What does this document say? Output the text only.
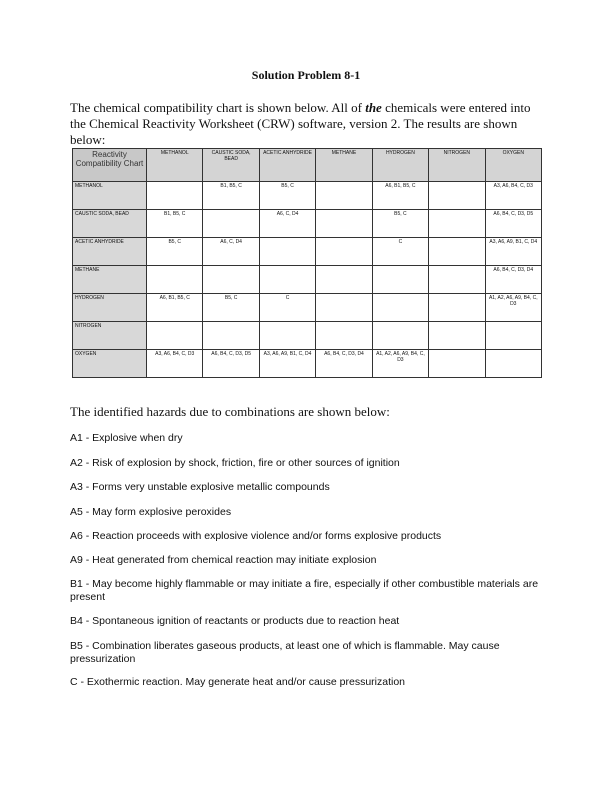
Solution Problem 8-1
The chemical compatibility chart is shown below. All of the chemicals were entered into the Chemical Reactivity Worksheet (CRW) software, version 2. The results are shown below:
Reactivity Compatibility Chart	METHANOL	CAUSTIC SODA, BEAD	ACETIC ANHYDRIDE	METHANE	HYDROGEN	NITROGEN	OXYGEN
METHANOL		B1, B5, C	B5, C		A6, B1, B5, C		A3, A6, B4, C, D3
CAUSTIC SODA, BEAD	B1, B5, C		A6, C, D4		B5, C		A6, B4, C, D3, D5
ACETIC ANHYDRIDE	B5, C	A6, C, D4			C		A3, A6, A9, B1, C, D4
METHANE							A6, B4, C, D3, D4
HYDROGEN	A6, B1, B5, C	B5, C	C				A1, A2, A6, A9, B4, C, D3
NITROGEN							
OXYGEN	A3, A6, B4, C, D3	A6, B4, C, D3, D5	A3, A6, A9, B1, C, D4	A6, B4, C, D3, D4	A1, A2, A6, A9, B4, C, D3		
The identified hazards due to combinations are shown below:
A1 - Explosive when dry
A2 - Risk of explosion by shock, friction, fire or other sources of ignition
A3 - Forms very unstable explosive metallic compounds
A5 - May form explosive peroxides
A6 - Reaction proceeds with explosive violence and/or forms explosive products
A9 - Heat generated from chemical reaction may initiate explosion
B1 - May become highly flammable or may initiate a fire, especially if other combustible materials are present
B4 - Spontaneous ignition of reactants or products due to reaction heat
B5 - Combination liberates gaseous products, at least one of which is flammable. May cause pressurization
C - Exothermic reaction. May generate heat and/or cause pressurization
